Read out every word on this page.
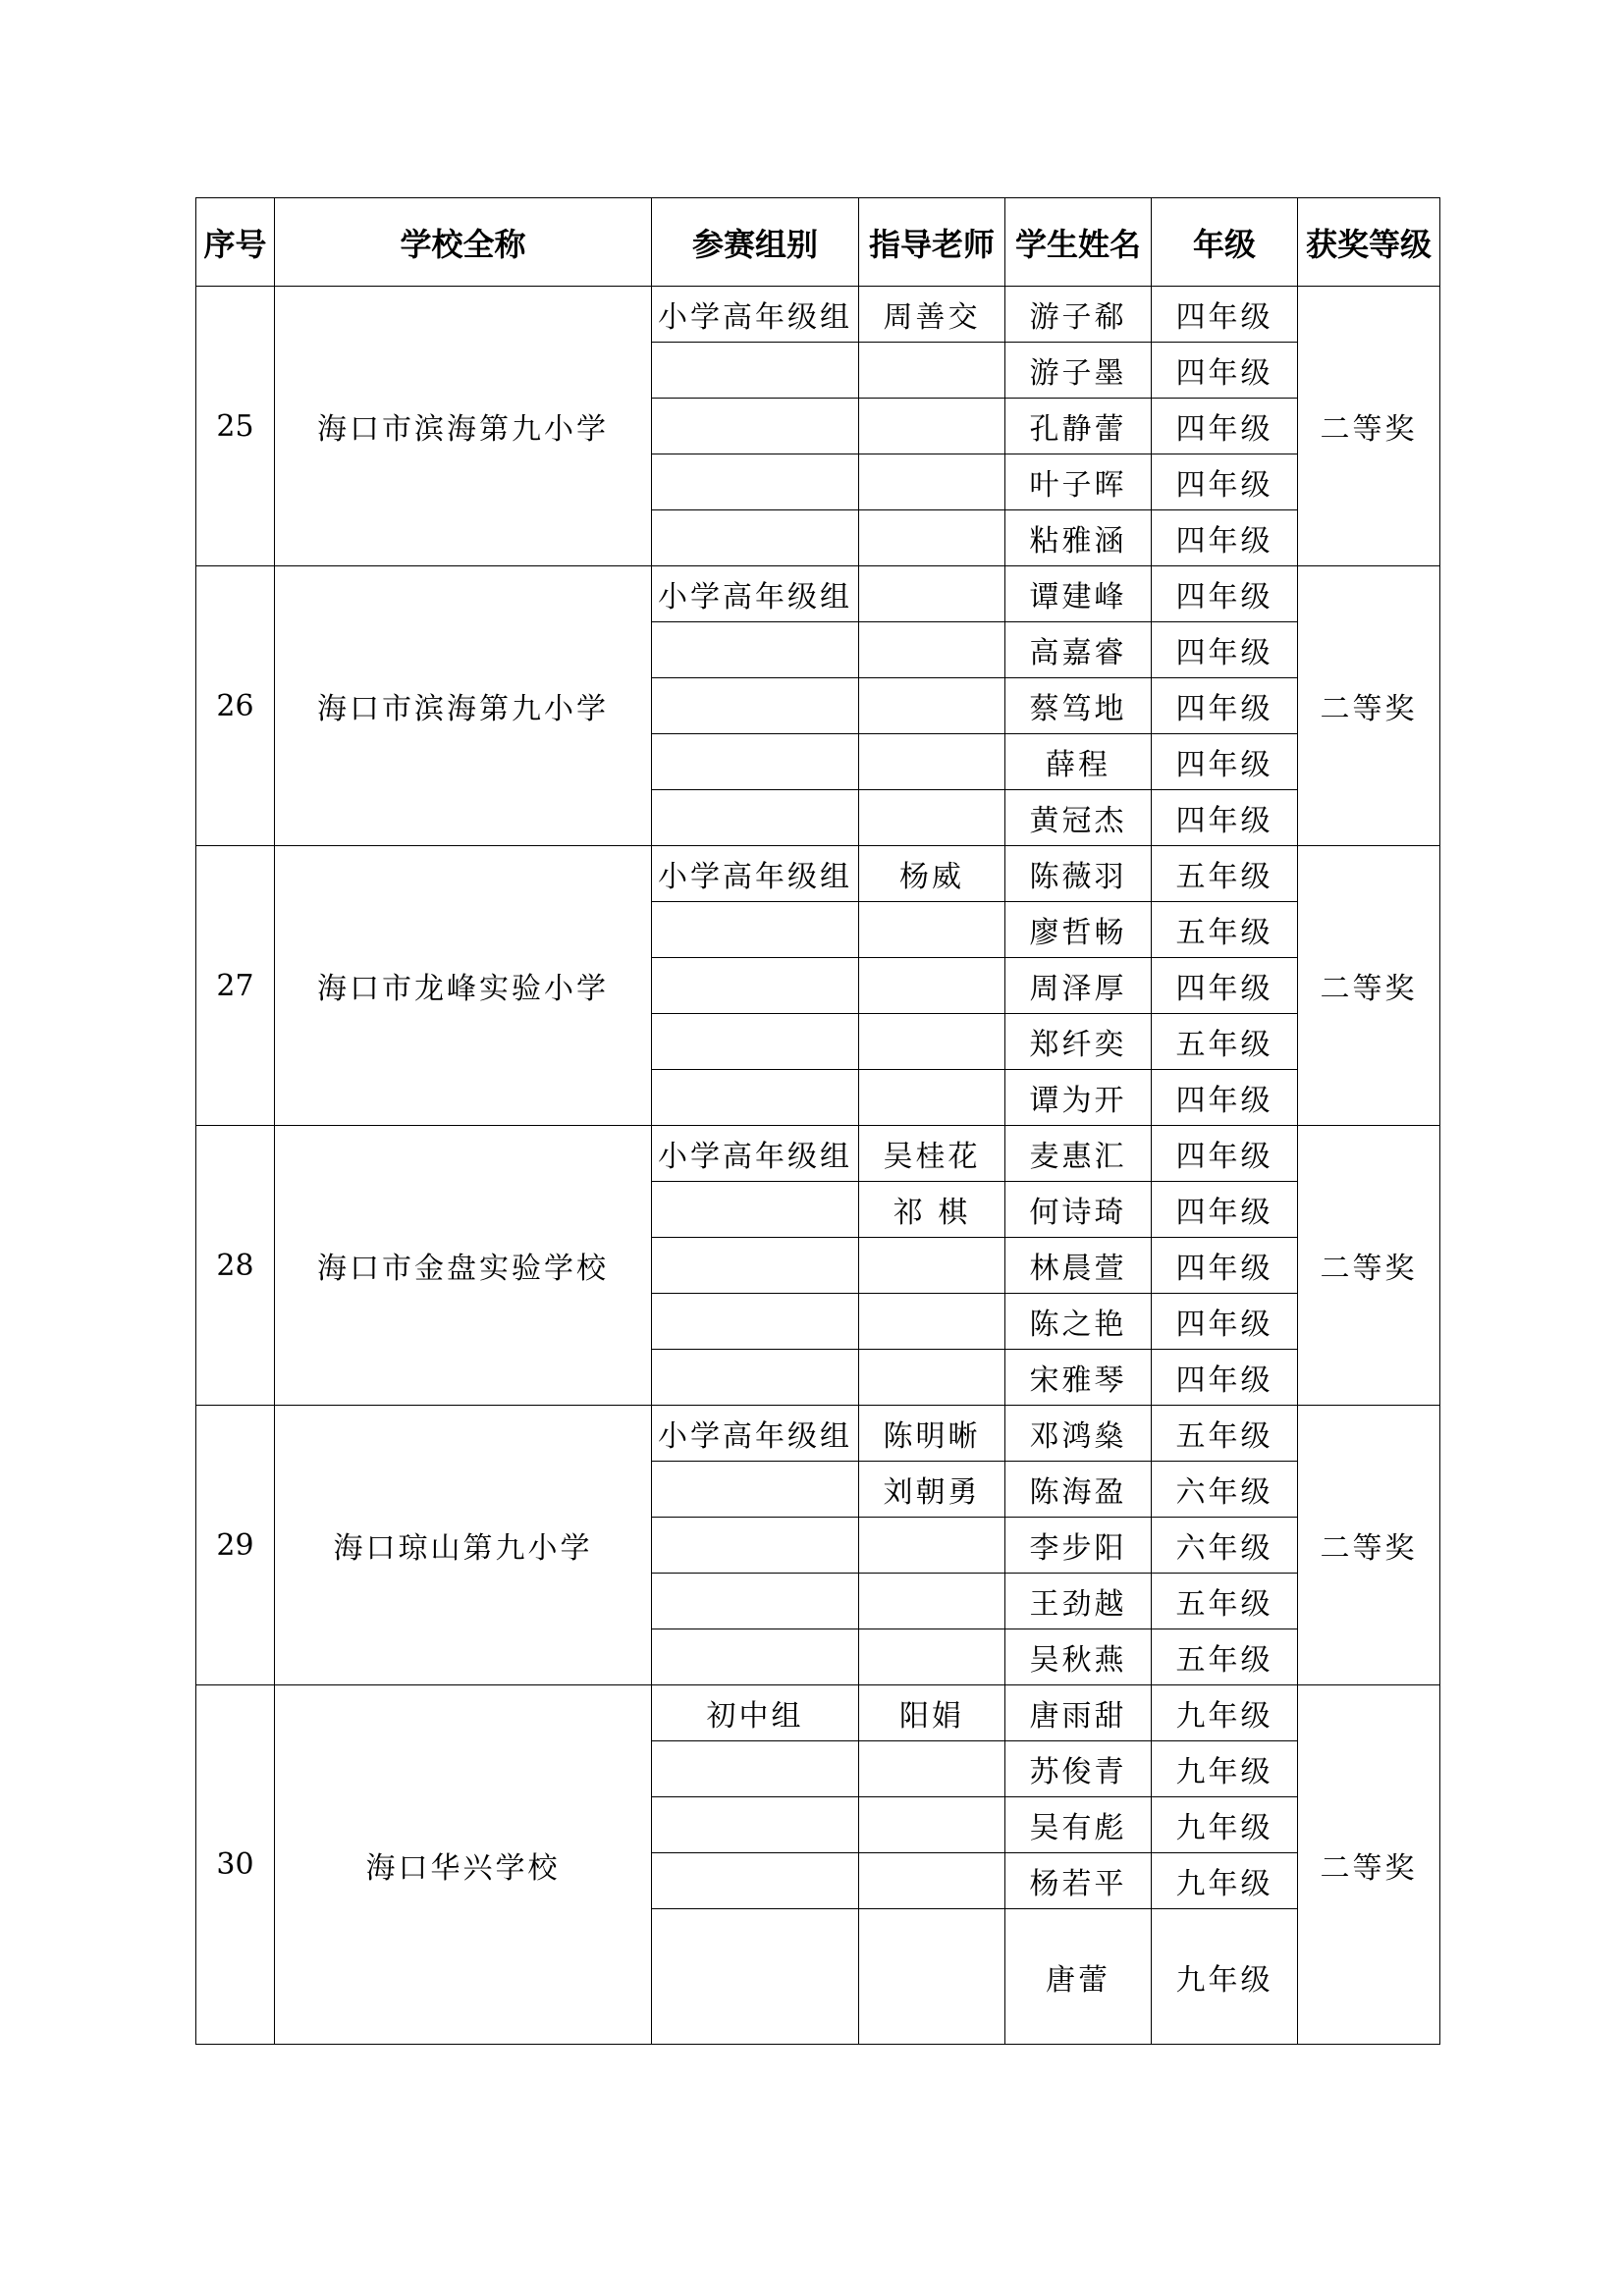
序号	学校全称	参赛组别	指导老师	学生姓名	年级	获奖等级
25	海口市滨海第九小学	小学高年级组	周善交	游子郗	四年级	二等奖
				游子墨	四年级	
				孔静蕾	四年级	
				叶子晖	四年级	
				粘雅涵	四年级	
26	海口市滨海第九小学	小学高年级组		谭建峰	四年级	二等奖
				高嘉睿	四年级	
				蔡笃地	四年级	
				薛程	四年级	
				黄冠杰	四年级	
27	海口市龙峰实验小学	小学高年级组	杨威	陈薇羽	五年级	二等奖
				廖哲畅	五年级	
				周泽厚	四年级	
				郑纤奕	五年级	
				谭为开	四年级	
28	海口市金盘实验学校	小学高年级组	吴桂花	麦惠汇	四年级	二等奖
			祁 棋	何诗琦	四年级	
				林晨萱	四年级	
				陈之艳	四年级	
				宋雅琴	四年级	
29	海口琼山第九小学	小学高年级组	陈明晰	邓鸿燊	五年级	二等奖
			刘朝勇	陈海盈	六年级	
				李步阳	六年级	
				王劲越	五年级	
				吴秋燕	五年级	
30	海口华兴学校	初中组	阳娟	唐雨甜	九年级	二等奖
				苏俊青	九年级	
				吴有彪	九年级	
				杨若平	九年级	
				唐蕾	九年级	
